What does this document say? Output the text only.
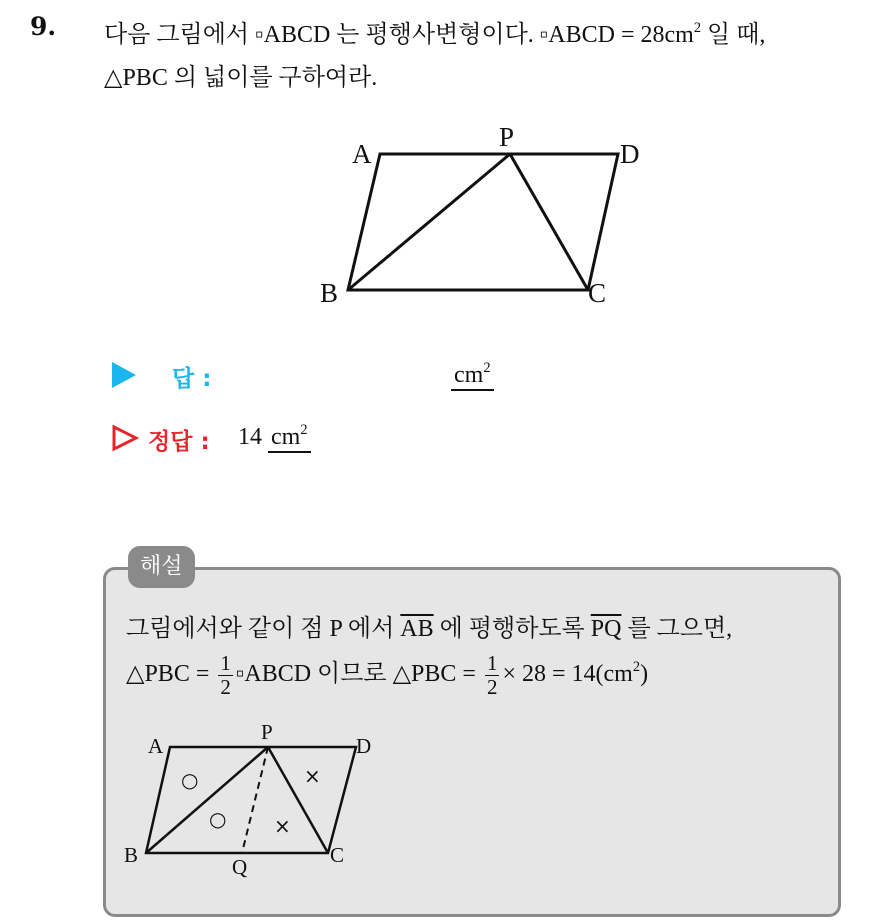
9. 다음 그림에서 ▫ABCD 는 평행사변형이다. ▫ABCD = $28cm^2$ 일 때,
△PBC 의 넓이를 구하여라.
A
P
D
B	C
답 :	$cm^2$
정답 : 14 $cm^2$
해설
그림에서와 같이 점 P 에서 $\overline{AB}$ 에 평행하도록 $\overline{PQ}$ 를 그으면,
△PBC = $\frac{1}{2}$ ▫ABCD 이므로 △PBC = $\frac{1}{2} \times 28 = 14(cm^2)$
A
P
D
B	C
Q
○
○
×
×
